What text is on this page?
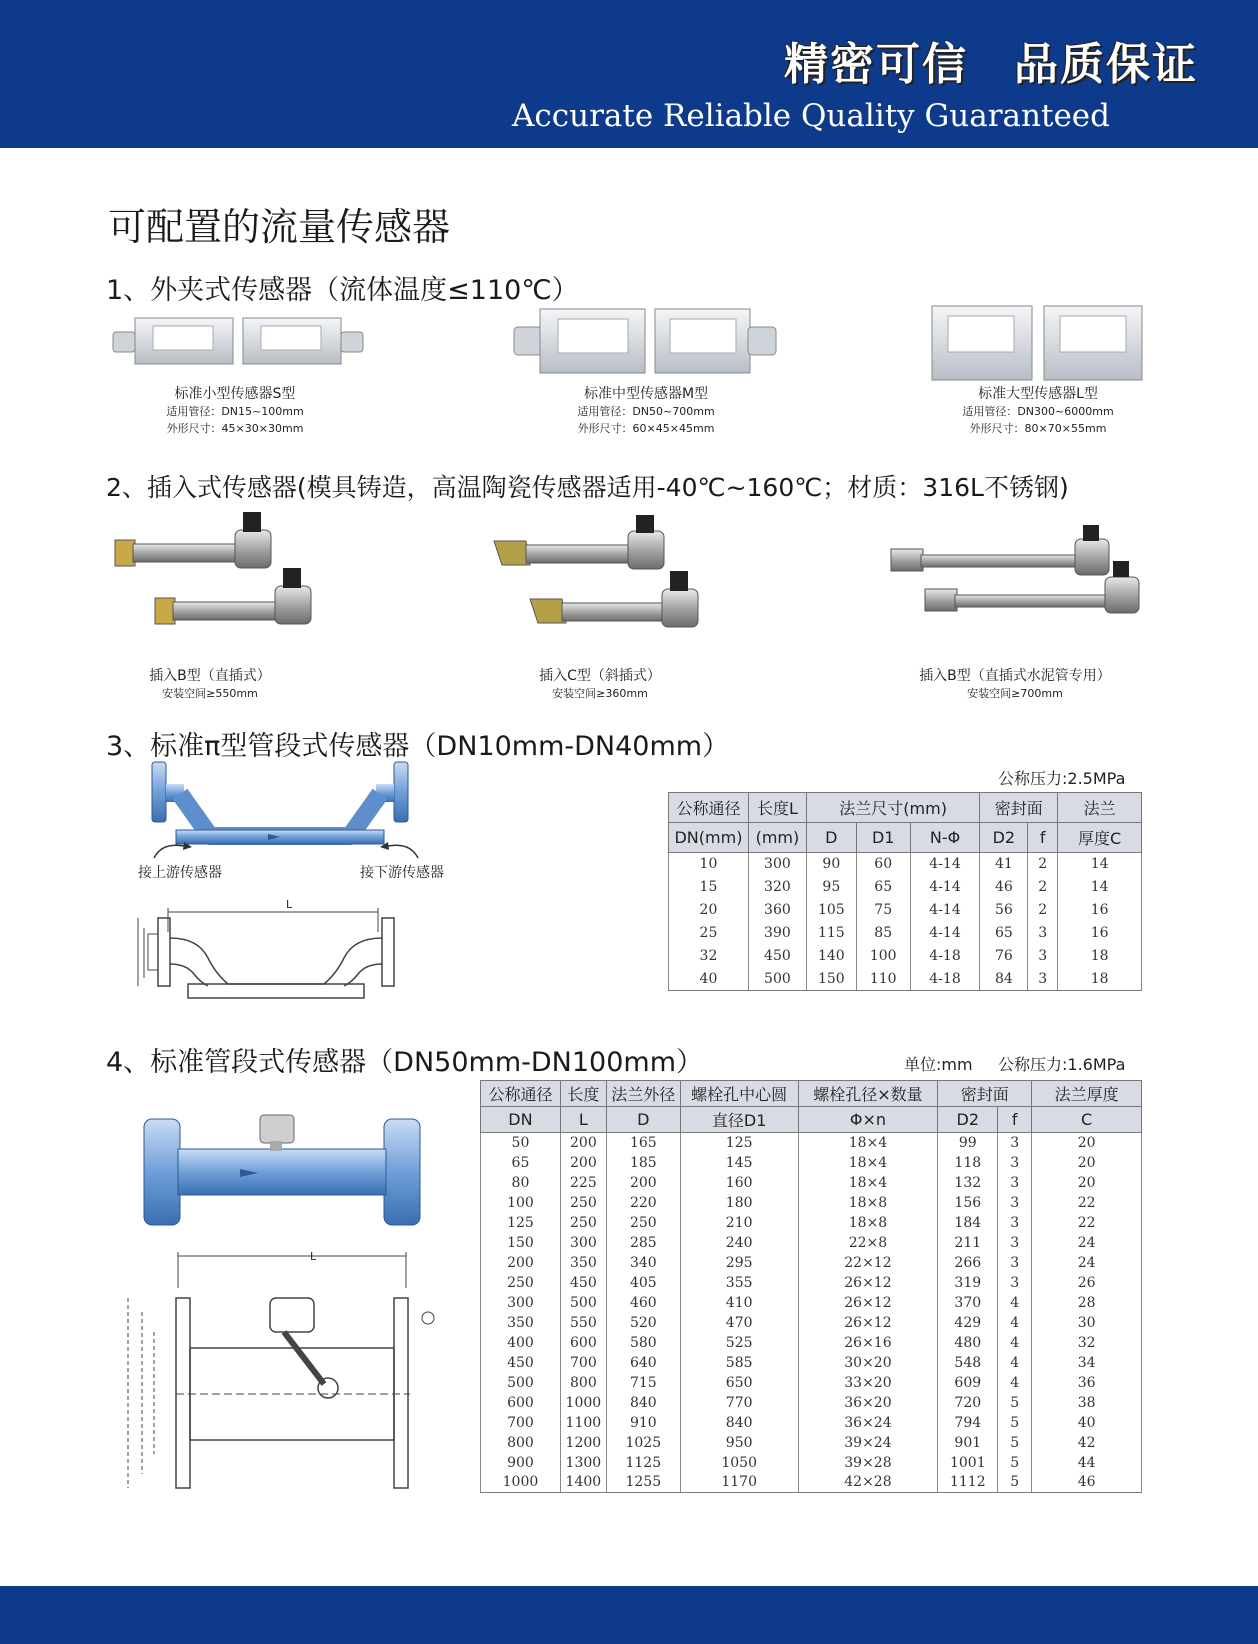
精密可信　品质保证
Accurate Reliable Quality Guaranteed
可配置的流量传感器
1、外夹式传感器（流体温度≤110℃）
标准小型传感器S型
适用管径：DN15~100mm
外形尺寸：45×30×30mm
标准中型传感器M型
适用管径：DN50~700mm
外形尺寸：60×45×45mm
标准大型传感器L型
适用管径：DN300~6000mm
外形尺寸：80×70×55mm
2、插入式传感器(模具铸造，高温陶瓷传感器适用-40℃~160℃；材质：316L不锈钢)
插入B型（直插式）
安装空间≥550mm
插入C型（斜插式）
安装空间≥360mm
插入B型（直插式水泥管专用）
安装空间≥700mm
3、标准π型管段式传感器（DN10mm-DN40mm）
接上游传感器	接下游传感器
L
公称压力:2.5MPa
公称通径	长度L	法兰尺寸(mm)			密封面		法兰
DN(mm)	(mm)	D	D1	N-Φ	D2	f	厚度C
10	300	90	60	4-14	41	2	14
15	320	95	65	4-14	46	2	14
20	360	105	75	4-14	56	2	16
25	390	115	85	4-14	65	3	16
32	450	140	100	4-18	76	3	18
40	500	150	110	4-18	84	3	18
4、标准管段式传感器（DN50mm-DN100mm）	单位:mm 公称压力:1.6MPa
L
公称通径	长度	法兰外径	螺栓孔中心圆	螺栓孔径×数量	密封面		法兰厚度
DN	L	D	直径D1	Φ×n	D2	f	C
50	200	165	125	18×4	99	3	20
65	200	185	145	18×4	118	3	20
80	225	200	160	18×4	132	3	20
100	250	220	180	18×8	156	3	22
125	250	250	210	18×8	184	3	22
150	300	285	240	22×8	211	3	24
200	350	340	295	22×12	266	3	24
250	450	405	355	26×12	319	3	26
300	500	460	410	26×12	370	4	28
350	550	520	470	26×12	429	4	30
400	600	580	525	26×16	480	4	32
450	700	640	585	30×20	548	4	34
500	800	715	650	33×20	609	4	36
600	1000	840	770	36×20	720	5	38
700	1100	910	840	36×24	794	5	40
800	1200	1025	950	39×24	901	5	42
900	1300	1125	1050	39×28	1001	5	44
1000	1400	1255	1170	42×28	1112	5	46
